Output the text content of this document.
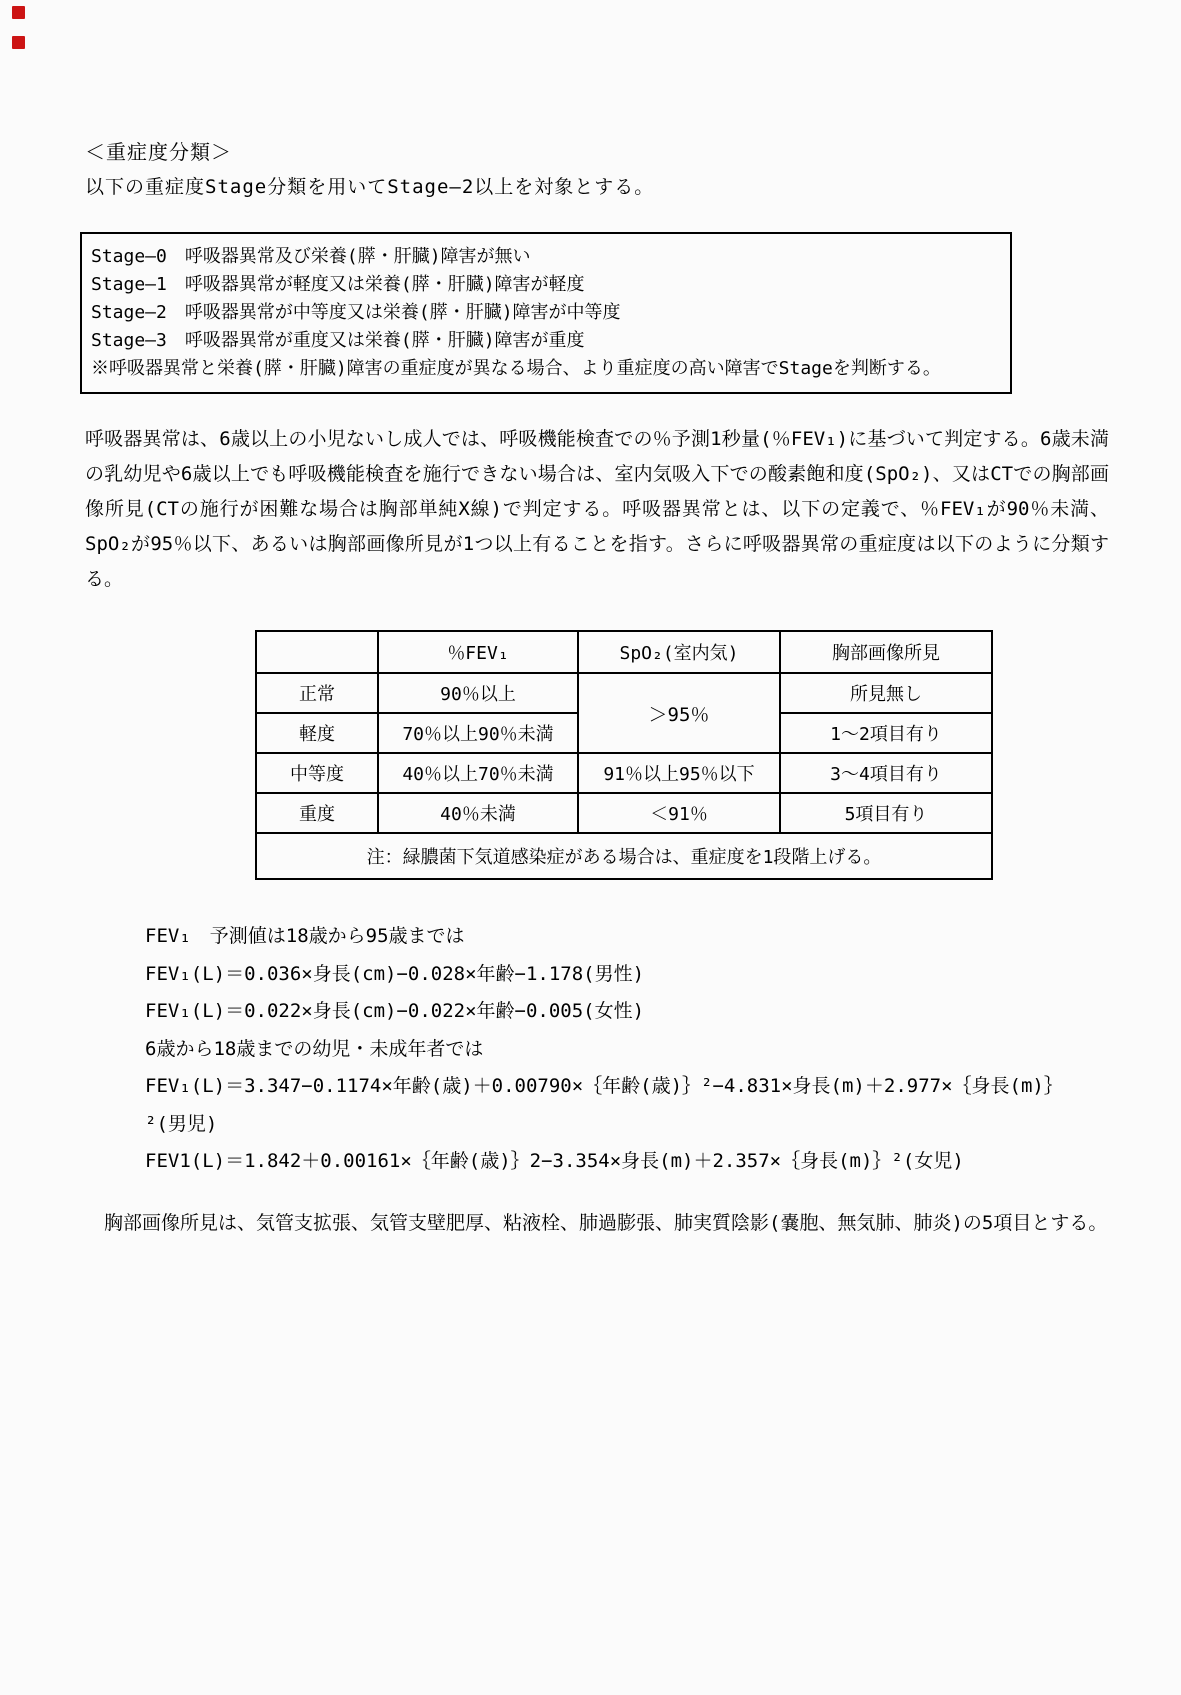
＜重症度分類＞

以下の重症度Stage分類を用いてStage—2以上を対象とする。

Stage—0　呼吸器異常及び栄養(膵・肝臓)障害が無い
Stage—1　呼吸器異常が軽度又は栄養(膵・肝臓)障害が軽度
Stage—2　呼吸器異常が中等度又は栄養(膵・肝臓)障害が中等度
Stage—3　呼吸器異常が重度又は栄養(膵・肝臓)障害が重度
※呼吸器異常と栄養(膵・肝臓)障害の重症度が異なる場合、より重症度の高い障害でStageを判断する。

呼吸器異常は、6歳以上の小児ないし成人では、呼吸機能検査での％予測1秒量(％FEV₁)に基づいて判定する。6歳未満の乳幼児や6歳以上でも呼吸機能検査を施行できない場合は、室内気吸入下での酸素飽和度(SpO₂)、又はCTでの胸部画像所見(CTの施行が困難な場合は胸部単純X線)で判定する。呼吸器異常とは、以下の定義で、％FEV₁が90％未満、SpO₂が95％以下、あるいは胸部画像所見が1つ以上有ることを指す。さらに呼吸器異常の重症度は以下のように分類する。

	％FEV₁	SpO₂(室内気)	胸部画像所見
正常	90％以上	＞95％	所見無し
軽度	70％以上90％未満		1〜2項目有り
中等度	40％以上70％未満	91％以上95％以下	3〜4項目有り
重度	40％未満	＜91％	5項目有り
注：緑膿菌下気道感染症がある場合は、重症度を1段階上げる。			
FEV₁　予測値は18歳から95歳までは
FEV₁(L)＝0.036×身長(cm)−0.028×年齢−1.178(男性)
FEV₁(L)＝0.022×身長(cm)−0.022×年齢−0.005(女性)
6歳から18歳までの幼児・未成年者では
FEV₁(L)＝3.347−0.1174×年齢(歳)＋0.00790×｛年齢(歳)｝²−4.831×身長(m)＋2.977×｛身長(m)｝²(男児)
FEV1(L)＝1.842＋0.00161×｛年齢(歳)｝2−3.354×身長(m)＋2.357×｛身長(m)｝²(女児)

　胸部画像所見は、気管支拡張、気管支壁肥厚、粘液栓、肺過膨張、肺実質陰影(嚢胞、無気肺、肺炎)の5項目とする。
